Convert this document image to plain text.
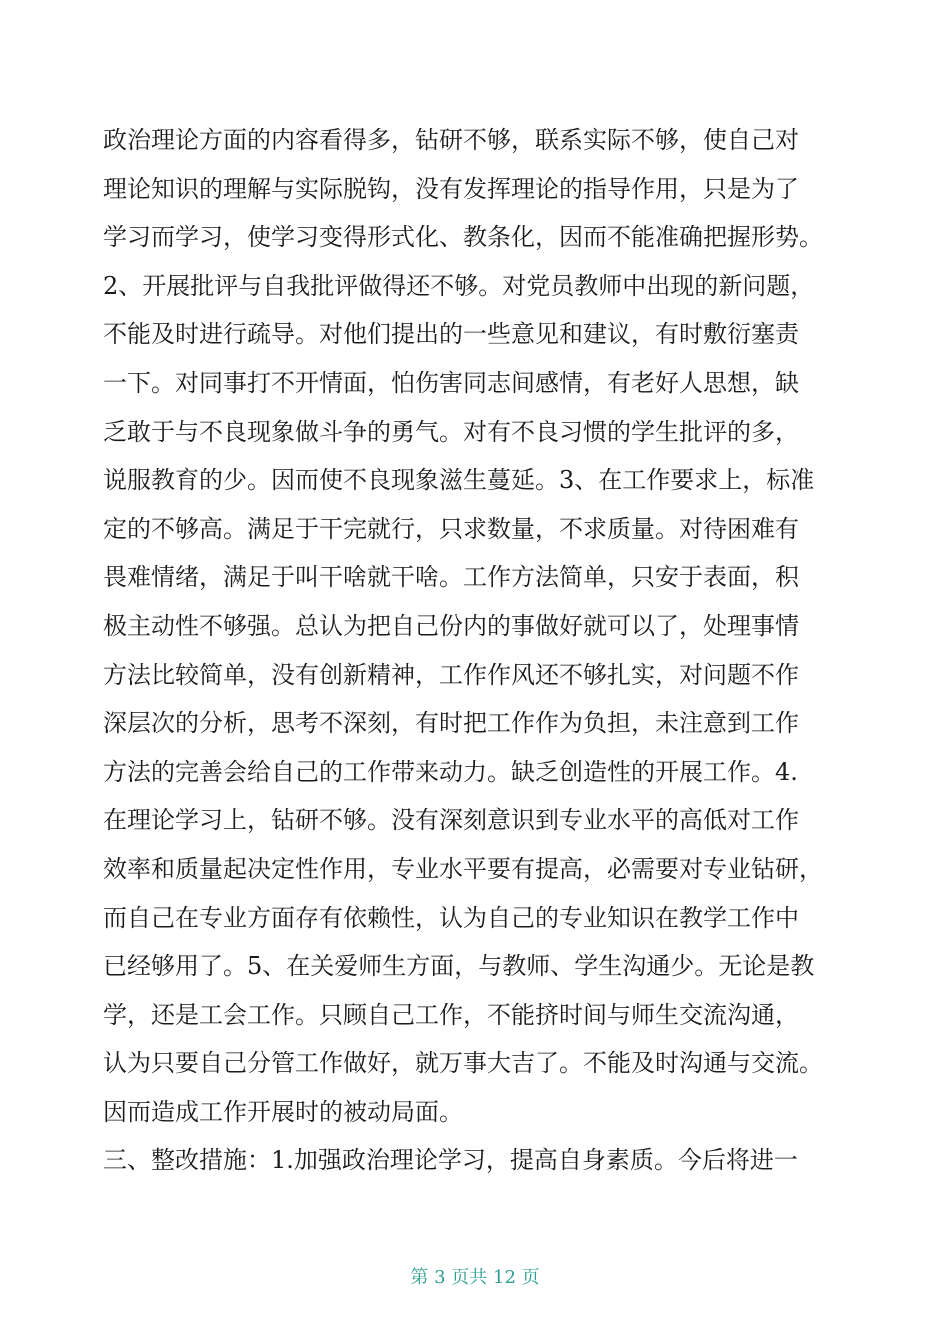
政治理论方面的内容看得多，钻研不够，联系实际不够，使自己对
理论知识的理解与实际脱钩，没有发挥理论的指导作用，只是为了
学习而学习，使学习变得形式化、教条化，因而不能准确把握形势。
2、开展批评与自我批评做得还不够。对党员教师中出现的新问题，
不能及时进行疏导。对他们提出的一些意见和建议，有时敷衍塞责
一下。对同事打不开情面，怕伤害同志间感情，有老好人思想，缺
乏敢于与不良现象做斗争的勇气。对有不良习惯的学生批评的多，
说服教育的少。因而使不良现象滋生蔓延。3、在工作要求上，标准
定的不够高。满足于干完就行，只求数量，不求质量。对待困难有
畏难情绪，满足于叫干啥就干啥。工作方法简单，只安于表面，积
极主动性不够强。总认为把自己份内的事做好就可以了，处理事情
方法比较简单，没有创新精神，工作作风还不够扎实，对问题不作
深层次的分析，思考不深刻，有时把工作作为负担，未注意到工作
方法的完善会给自己的工作带来动力。缺乏创造性的开展工作。4.
在理论学习上，钻研不够。没有深刻意识到专业水平的高低对工作
效率和质量起决定性作用，专业水平要有提高，必需要对专业钻研，
而自己在专业方面存有依赖性，认为自己的专业知识在教学工作中
已经够用了。5、在关爱师生方面，与教师、学生沟通少。无论是教
学，还是工会工作。只顾自己工作，不能挤时间与师生交流沟通，
认为只要自己分管工作做好，就万事大吉了。不能及时沟通与交流。
因而造成工作开展时的被动局面。
三、整改措施：1.加强政治理论学习，提高自身素质。今后将进一
第 3 页共 12 页
